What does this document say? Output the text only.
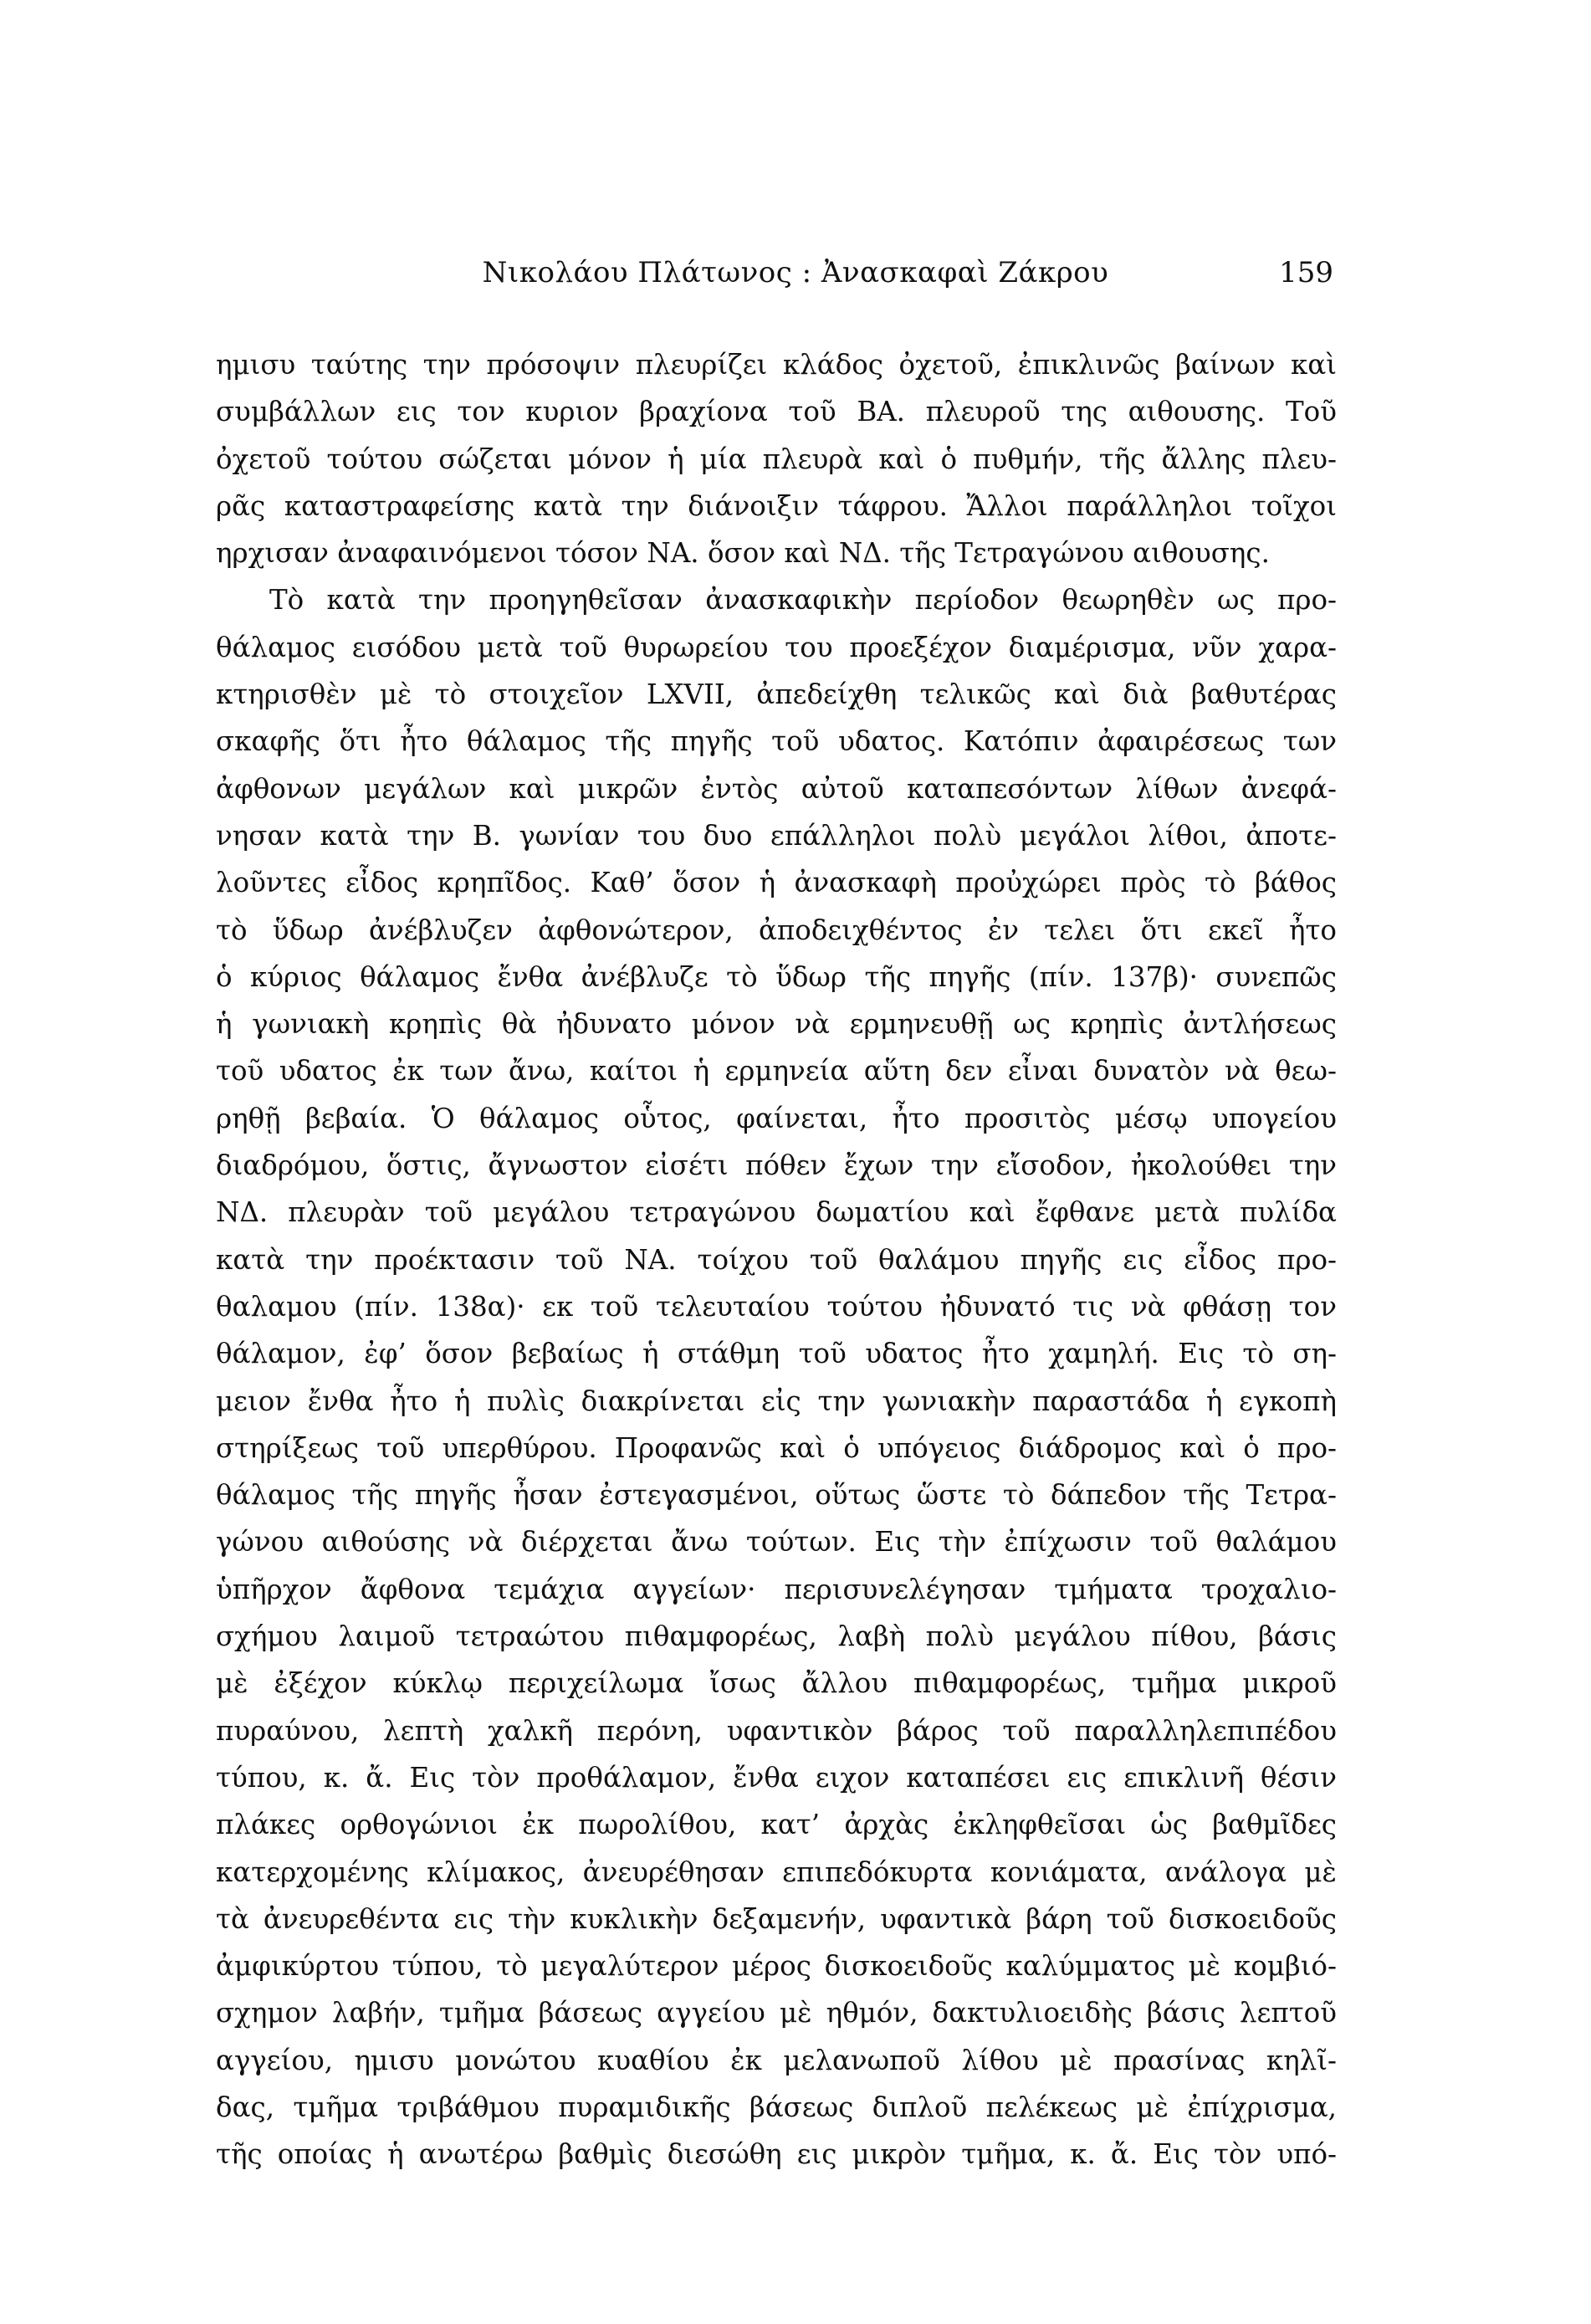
Νικολάου Πλάτωνος : Ἀνασκαφαὶ Ζάκρου	159
ημισυ ταύτης την πρόσοψιν πλευρίζει κλάδος ὀχετοῦ, ἐπικλινῶς βαίνων καὶ
συμβάλλων εις τον κυριον βραχίονα τοῦ ΒΑ. πλευροῦ της αιθουσης. Τοῦ
ὀχετοῦ τούτου σώζεται μόνον ἡ μία πλευρὰ καὶ ὁ πυθμήν, τῆς ἄλλης πλευ-
ρᾶς καταστραφείσης κατὰ την διάνοιξιν τάφρου. Ἄλλοι παράλληλοι τοῖχοι
ηρχισαν ἀναφαινόμενοι τόσον ΝΑ. ὅσον καὶ ΝΔ. τῆς Τετραγώνου αιθουσης.
Τὸ κατὰ την προηγηθεῖσαν ἀνασκαφικὴν περίοδον θεωρηθὲν ως προ-
θάλαμος εισόδου μετὰ τοῦ θυρωρείου του προεξέχον διαμέρισμα, νῦν χαρα-
κτηρισθὲν μὲ τὸ στοιχεῖον LXVII, ἀπεδείχθη τελικῶς καὶ διὰ βαθυτέρας
σκαφῆς ὅτι ἦτο θάλαμος τῆς πηγῆς τοῦ υδατος. Κατόπιν ἀφαιρέσεως των
ἀφθονων μεγάλων καὶ μικρῶν ἐντὸς αὐτοῦ καταπεσόντων λίθων ἀνεφά-
νησαν κατὰ την Β. γωνίαν του δυο επάλληλοι πολὺ μεγάλοι λίθοι, ἀποτε-
λοῦντες εἶδος κρηπῖδος. Καθ’ ὅσον ἡ ἀνασκαφὴ προὐχώρει πρὸς τὸ βάθος
τὸ ὕδωρ ἀνέβλυζεν ἀφθονώτερον, ἀποδειχθέντος ἐν τελει ὅτι εκεῖ ἦτο
ὁ κύριος θάλαμος ἔνθα ἀνέβλυζε τὸ ὕδωρ τῆς πηγῆς (πίν. 137β)· συνεπῶς
ἡ γωνιακὴ κρηπὶς θὰ ἠδυνατο μόνον νὰ ερμηνευθῇ ως κρηπὶς ἀντλήσεως
τοῦ υδατος ἐκ των ἄνω, καίτοι ἡ ερμηνεία αὕτη δεν εἶναι δυνατὸν νὰ θεω-
ρηθῇ βεβαία. Ὁ θάλαμος οὗτος, φαίνεται, ἦτο προσιτὸς μέσῳ υπογείου
διαδρόμου, ὅστις, ἄγνωστον εἰσέτι πόθεν ἔχων την εἴσοδον, ἠκολούθει την
ΝΔ. πλευρὰν τοῦ μεγάλου τετραγώνου δωματίου καὶ ἔφθανε μετὰ πυλίδα
κατὰ την προέκτασιν τοῦ ΝΑ. τοίχου τοῦ θαλάμου πηγῆς εις εἶδος προ-
θαλαμου (πίν. 138α)· εκ τοῦ τελευταίου τούτου ἠδυνατό τις νὰ φθάσῃ τον
θάλαμον, ἐφ’ ὅσον βεβαίως ἡ στάθμη τοῦ υδατος ἦτο χαμηλή. Εις τὸ ση-
μειον ἔνθα ἦτο ἡ πυλὶς διακρίνεται εἰς την γωνιακὴν παραστάδα ἡ εγκοπὴ
στηρίξεως τοῦ υπερθύρου. Προφανῶς καὶ ὁ υπόγειος διάδρομος καὶ ὁ προ-
θάλαμος τῆς πηγῆς ἦσαν ἐστεγασμένοι, οὕτως ὥστε τὸ δάπεδον τῆς Τετρα-
γώνου αιθούσης νὰ διέρχεται ἄνω τούτων. Εις τὴν ἐπίχωσιν τοῦ θαλάμου
ὑπῆρχον ἄφθονα τεμάχια αγγείων· περισυνελέγησαν τμήματα τροχαλιο-
σχήμου λαιμοῦ τετραώτου πιθαμφορέως, λαβὴ πολὺ μεγάλου πίθου, βάσις
μὲ ἐξέχον κύκλῳ περιχείλωμα ἴσως ἄλλου πιθαμφορέως, τμῆμα μικροῦ
πυραύνου, λεπτὴ χαλκῆ περόνη, υφαντικὸν βάρος τοῦ παραλληλεπιπέδου
τύπου, κ. ἄ. Εις τὸν προθάλαμον, ἔνθα ειχον καταπέσει εις επικλινῆ θέσιν
πλάκες ορθογώνιοι ἐκ πωρολίθου, κατ’ ἀρχὰς ἐκληφθεῖσαι ὡς βαθμῖδες
κατερχομένης κλίμακος, ἀνευρέθησαν επιπεδόκυρτα κονιάματα, ανάλογα μὲ
τὰ ἀνευρεθέντα εις τὴν κυκλικὴν δεξαμενήν, υφαντικὰ βάρη τοῦ δισκοειδοῦς
ἀμφικύρτου τύπου, τὸ μεγαλύτερον μέρος δισκοειδοῦς καλύμματος μὲ κομβιό-
σχημον λαβήν, τμῆμα βάσεως αγγείου μὲ ηθμόν, δακτυλιοειδὴς βάσις λεπτοῦ
αγγείου, ημισυ μονώτου κυαθίου ἐκ μελανωποῦ λίθου μὲ πρασίνας κηλῖ-
δας, τμῆμα τριβάθμου πυραμιδικῆς βάσεως διπλοῦ πελέκεως μὲ ἐπίχρισμα,
τῆς οποίας ἡ ανωτέρω βαθμὶς διεσώθη εις μικρὸν τμῆμα, κ. ἄ. Εις τὸν υπό-
